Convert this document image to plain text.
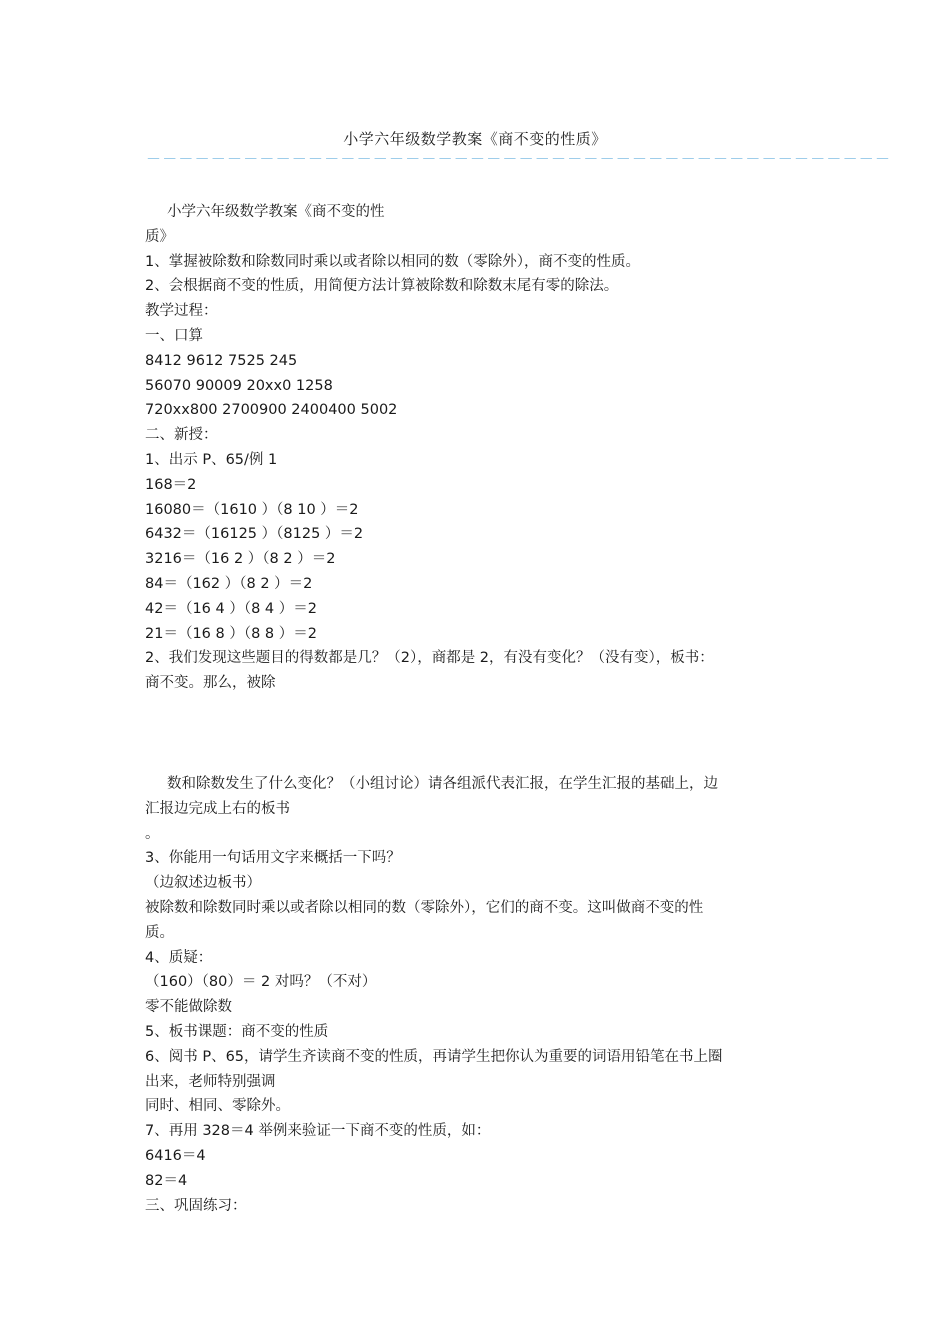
小学六年级数学教案《商不变的性质》
－－－－－－－－－－－－－－－－－－－－－－－－－－－－－－－－－－－－－－－－－－－－－－
小学六年级数学教案《商不变的性
质》
1、掌握被除数和除数同时乘以或者除以相同的数（零除外），商不变的性质。
2、会根据商不变的性质，用简便方法计算被除数和除数末尾有零的除法。
教学过程：
一、口算
8412 9612 7525 245
56070 90009 20xx0 1258
720xx800 2700900 2400400 5002
二、新授：
1、出示 P、65/例 1
168＝2
16080＝（1610 ）（8 10 ）＝2
6432＝（16125 ）（8125 ）＝2
3216＝（16 2 ）（8 2 ）＝2
84＝（162 ）（8 2 ）＝2
42＝（16 4 ）（8 4 ）＝2
21＝（16 8 ）（8 8 ）＝2
2、我们发现这些题目的得数都是几？（2），商都是 2，有没有变化？（没有变），板书：
商不变。那么，被除
数和除数发生了什么变化？（小组讨论）请各组派代表汇报，在学生汇报的基础上，边
汇报边完成上右的板书
。
3、你能用一句话用文字来概括一下吗？
（边叙述边板书）
被除数和除数同时乘以或者除以相同的数（零除外），它们的商不变。这叫做商不变的性
质。
4、质疑：
（160）（80）＝ 2 对吗？（不对）
零不能做除数
5、板书课题：商不变的性质
6、阅书 P、65，请学生齐读商不变的性质，再请学生把你认为重要的词语用铅笔在书上圈
出来，老师特别强调
同时、相同、零除外。
7、再用 328＝4 举例来验证一下商不变的性质，如：
6416＝4
82＝4
三、巩固练习：
